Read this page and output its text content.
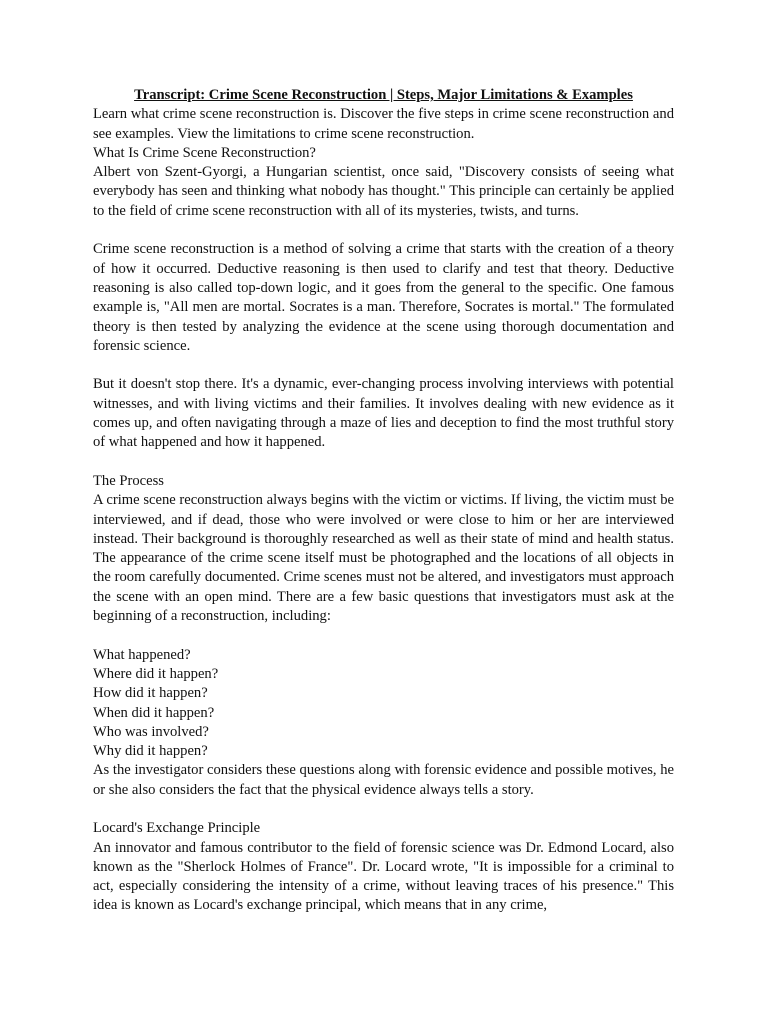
Transcript: Crime Scene Reconstruction | Steps, Major Limitations & Examples

Learn what crime scene reconstruction is. Discover the five steps in crime scene reconstruction and see examples. View the limitations to crime scene reconstruction.

What Is Crime Scene Reconstruction?

Albert von Szent-Gyorgi, a Hungarian scientist, once said, "Discovery consists of seeing what everybody has seen and thinking what nobody has thought." This principle can certainly be applied to the field of crime scene reconstruction with all of its mysteries, twists, and turns.

Crime scene reconstruction is a method of solving a crime that starts with the creation of a theory of how it occurred. Deductive reasoning is then used to clarify and test that theory. Deductive reasoning is also called top-down logic, and it goes from the general to the specific. One famous example is, "All men are mortal. Socrates is a man. Therefore, Socrates is mortal." The formulated theory is then tested by analyzing the evidence at the scene using thorough documentation and forensic science.

But it doesn't stop there. It's a dynamic, ever-changing process involving interviews with potential witnesses, and with living victims and their families. It involves dealing with new evidence as it comes up, and often navigating through a maze of lies and deception to find the most truthful story of what happened and how it happened.

The Process

A crime scene reconstruction always begins with the victim or victims. If living, the victim must be interviewed, and if dead, those who were involved or were close to him or her are interviewed instead. Their background is thoroughly researched as well as their state of mind and health status. The appearance of the crime scene itself must be photographed and the locations of all objects in the room carefully documented. Crime scenes must not be altered, and investigators must approach the scene with an open mind. There are a few basic questions that investigators must ask at the beginning of a reconstruction, including:

What happened?

Where did it happen?

How did it happen?

When did it happen?

Who was involved?

Why did it happen?

As the investigator considers these questions along with forensic evidence and possible motives, he or she also considers the fact that the physical evidence always tells a story.

Locard's Exchange Principle

An innovator and famous contributor to the field of forensic science was Dr. Edmond Locard, also known as the "Sherlock Holmes of France". Dr. Locard wrote, "It is impossible for a criminal to act, especially considering the intensity of a crime, without leaving traces of his presence." This idea is known as Locard's exchange principal, which means that in any crime,
